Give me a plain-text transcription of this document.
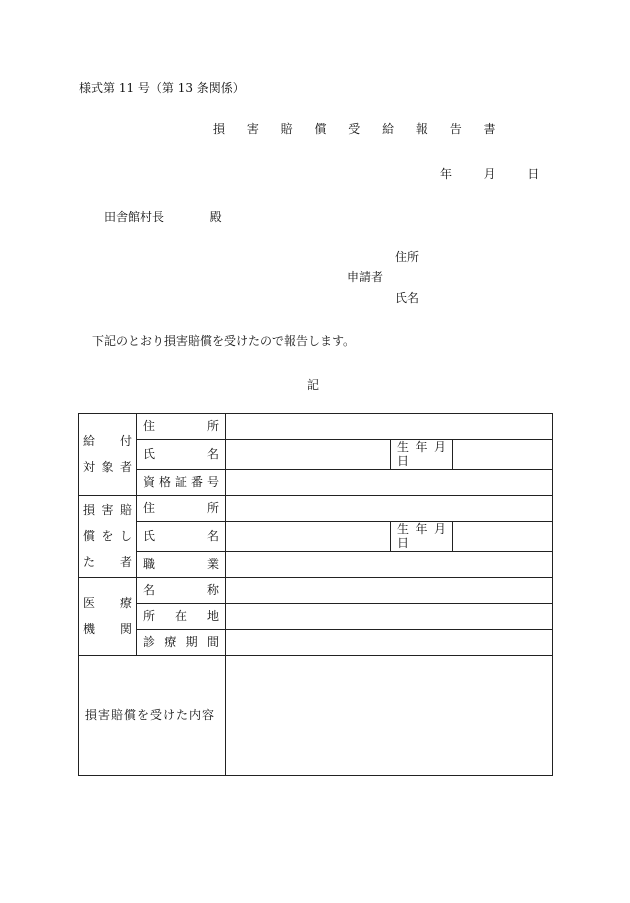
様式第 11 号（第 13 条関係）
損 害 賠 償 受 給 報 告 書
年	月	日
田舎館村長	殿
住所
申請者
氏名
下記のとおり損害賠償を受けたので報告します。
記
給　付
対象者	住　　　　所			
	氏　　　　名		生 年 月 日	
	資 格 証 番 号			

損害賠
償をし
た　者	住　　　　所			
	氏　　　　名		生 年 月 日	
	職　　　　業			

医　療
機　関	名　　　　称			
	所　在　地			
	診 療 期 間			
損害賠償を受けた内容				
